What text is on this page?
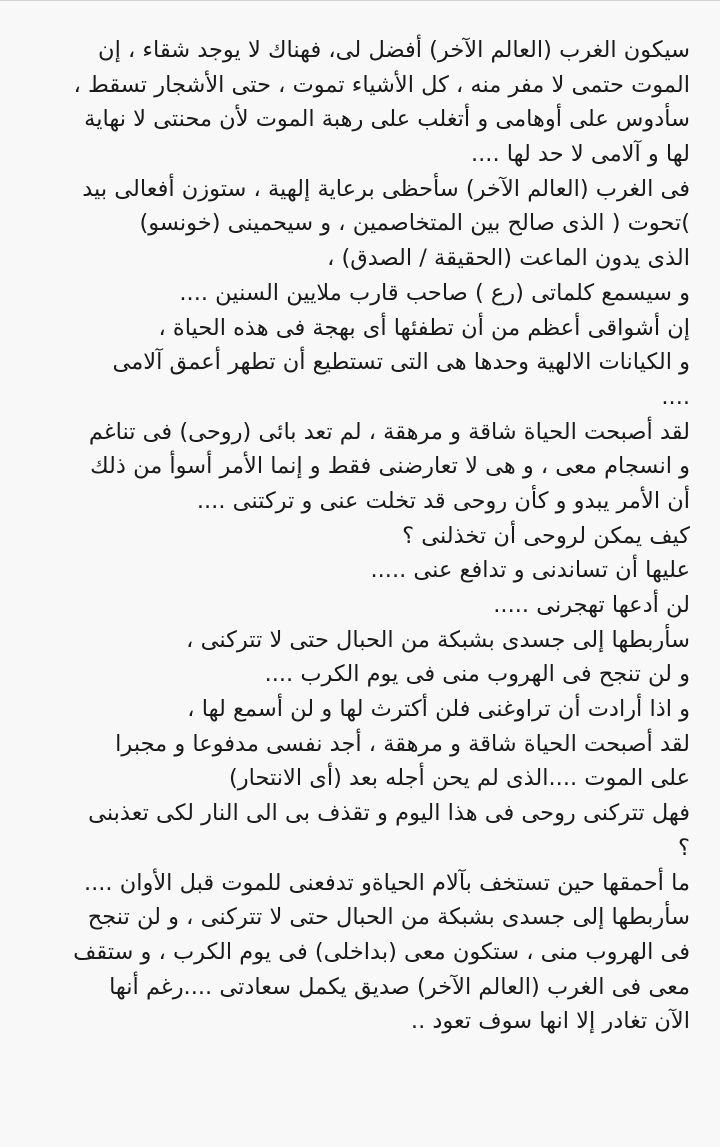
سيكون الغرب (العالم الآخر) أفضل لى، فهناك لا يوجد شقاء ، إن
الموت حتمى لا مفر منه ، كل الأشياء تموت ، حتى الأشجار تسقط ،
سأدوس على أوهامى و أتغلب على رهبة الموت لأن محنتى لا نهاية
لها و آلامى لا حد لها ....
فى الغرب (العالم الآخر) سأحظى برعاية إلهية ، ستوزن أفعالى بيد
)تحوت ( الذى صالح بين المتخاصمين ، و سيحمينى (خونسو)
الذى يدون الماعت (الحقيقة / الصدق) ،
و سيسمع كلماتى (رع ) صاحب قارب ملايين السنين ....
إن أشواقى أعظم من أن تطفئها أى بهجة فى هذه الحياة ،
و الكيانات الالهية وحدها هى التى تستطيع أن تطهر أعمق آلامى
....
لقد أصبحت الحياة شاقة و مرهقة ، لم تعد بائى (روحى) فى تناغم
و انسجام معى ، و هى لا تعارضنى فقط و إنما الأمر أسوأ من ذلك
أن الأمر يبدو و كأن روحى قد تخلت عنى و تركتنى ....
كيف يمكن لروحى أن تخذلنى ؟
عليها أن تساندنى و تدافع عنى .....
لن أدعها تهجرنى .....
سأربطها إلى جسدى بشبكة من الحبال حتى لا تتركنى ،
و لن تنجح فى الهروب منى فى يوم الكرب ....
و اذا أرادت أن تراوغنى فلن أكترث لها و لن أسمع لها ،
لقد أصبحت الحياة شاقة و مرهقة ، أجد نفسى مدفوعا و مجبرا
على الموت ....الذى لم يحن أجله بعد (أى الانتحار)
فهل تتركنى روحى فى هذا اليوم و تقذف بى الى النار لكى تعذبنى
؟
ما أحمقها حين تستخف بآلام الحياةو تدفعنى للموت قبل الأوان ....
سأربطها إلى جسدى بشبكة من الحبال حتى لا تتركنى ، و لن تنجح
فى الهروب منى ، ستكون معى (بداخلى) فى يوم الكرب ، و ستقف
معى فى الغرب (العالم الآخر) صديق يكمل سعادتى ....رغم أنها
الآن تغادر إلا انها سوف تعود ..
